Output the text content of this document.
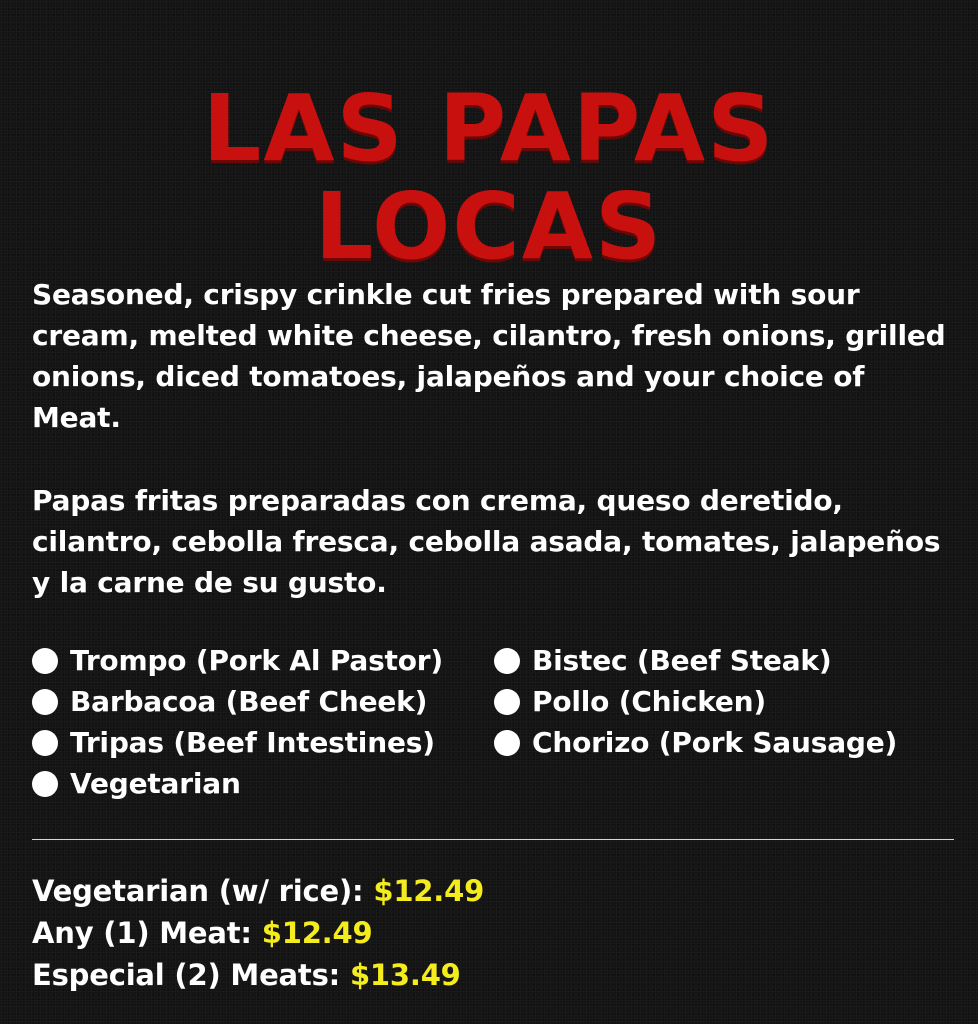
LAS PAPAS
LOCAS

Seasoned, crispy crinkle cut fries prepared with sour cream, melted white cheese, cilantro, fresh onions, grilled onions, diced tomatoes, jalapeños and your choice of Meat.

Papas fritas preparadas con crema, queso deretido, cilantro, cebolla fresca, cebolla asada, tomates, jalapeños y la carne de su gusto.

Trompo (Pork Al Pastor)	Bistec (Beef Steak)
Barbacoa (Beef Cheek)	Pollo (Chicken)
Tripas (Beef Intestines)	Chorizo (Pork Sausage)
Vegetarian
Vegetarian (w/ rice): $12.49
Any (1) Meat: $12.49
Especial (2) Meats: $13.49
